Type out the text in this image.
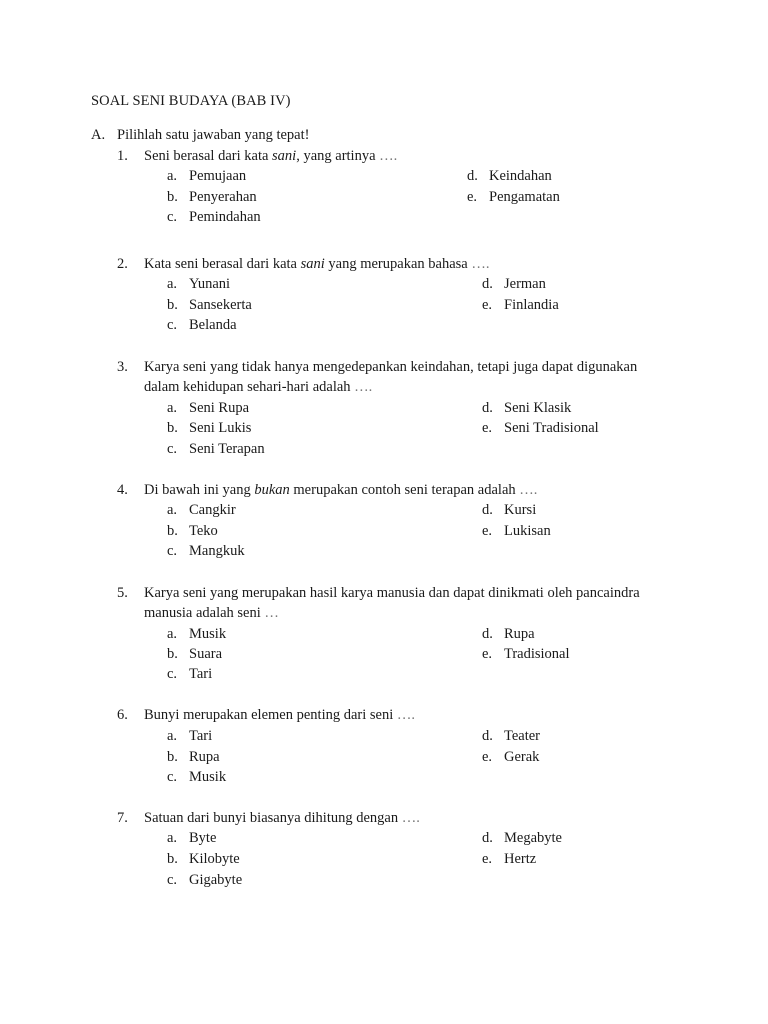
SOAL SENI BUDAYA (BAB IV)
A. Pilihlah satu jawaban yang tepat!
1. Seni berasal dari kata sani, yang artinya ….
a. Pemujaan
b. Penyerahan
c. Pemindahan
d. Keindahan
e. Pengamatan
2. Kata seni berasal dari kata sani yang merupakan bahasa ….
a. Yunani
b. Sansekerta
c. Belanda
d. Jerman
e. Finlandia
3. Karya seni yang tidak hanya mengedepankan keindahan, tetapi juga dapat digunakan
dalam kehidupan sehari-hari adalah ….
a. Seni Rupa
b. Seni Lukis
c. Seni Terapan
d. Seni Klasik
e. Seni Tradisional
4. Di bawah ini yang bukan merupakan contoh seni terapan adalah ….
a. Cangkir
b. Teko
c. Mangkuk
d. Kursi
e. Lukisan
5. Karya seni yang merupakan hasil karya manusia dan dapat dinikmati oleh pancaindra
manusia adalah seni …
a. Musik
b. Suara
c. Tari
d. Rupa
e. Tradisional
6. Bunyi merupakan elemen penting dari seni ….
a. Tari
b. Rupa
c. Musik
d. Teater
e. Gerak
7. Satuan dari bunyi biasanya dihitung dengan ….
a. Byte
b. Kilobyte
c. Gigabyte
d. Megabyte
e. Hertz
